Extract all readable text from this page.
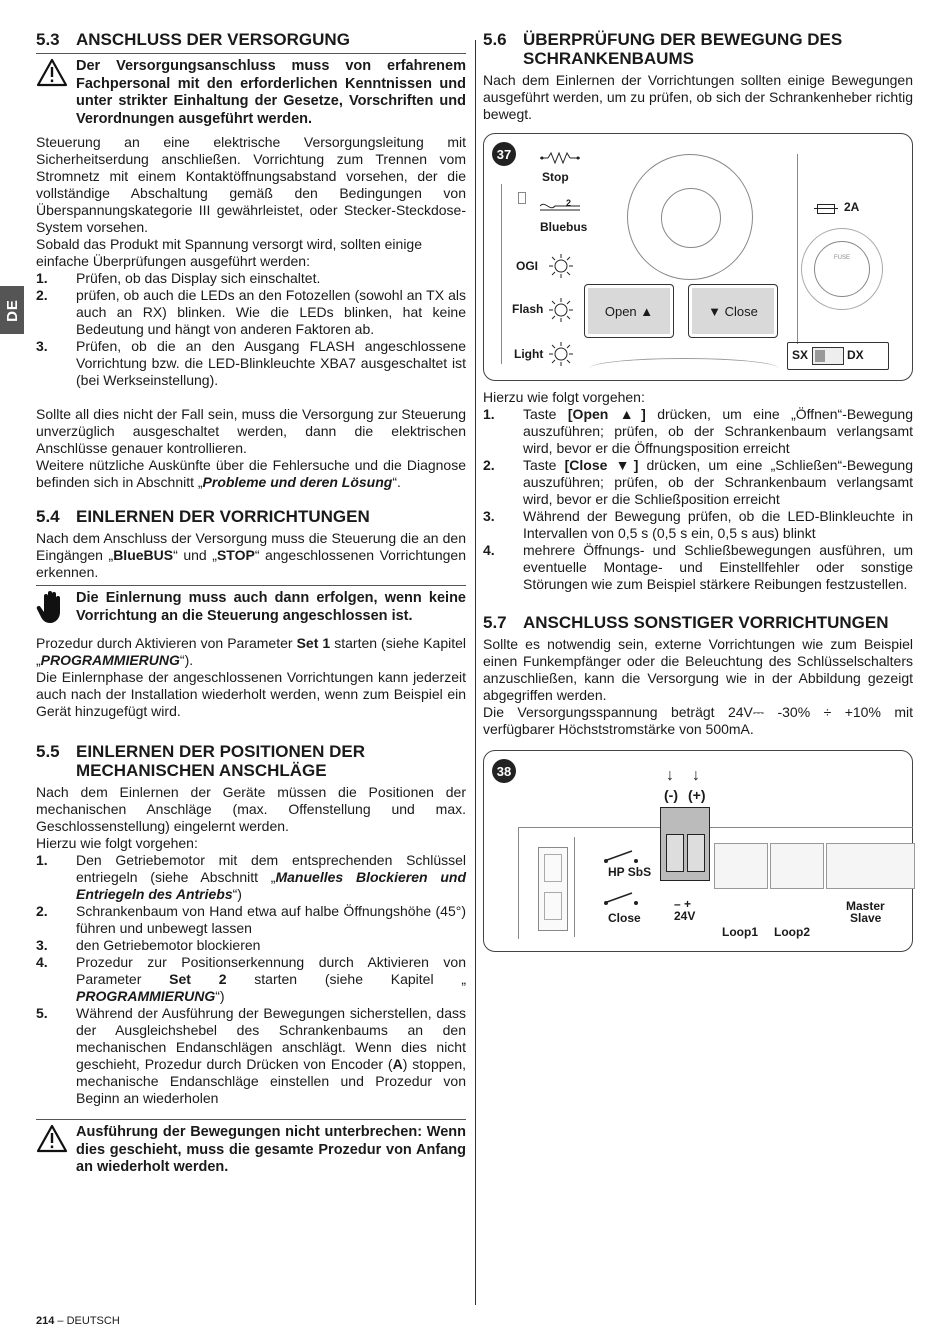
DE
5.3 ANSCHLUSS DER VERSORGUNG
Der Versorgungsanschluss muss von erfahrenem Fachpersonal mit den erforderlichen Kenntnissen und unter strikter Einhaltung der Gesetze, Vorschriften und Verordnungen ausgeführt werden.

Steuerung an eine elektrische Versorgungsleitung mit Sicherheitserdung anschließen. Vorrichtung zum Trennen vom Stromnetz mit einem Kontaktöffnungsabstand vorsehen, der die vollständige Abschaltung gemäß den Bedingungen von Überspannungskategorie III gewährleistet, oder Stecker-Steckdose-System vorsehen.

Sobald das Produkt mit Spannung versorgt wird, sollten einige einfache Überprüfungen ausgeführt werden:

1.	Prüfen, ob das Display sich einschaltet.
2.	prüfen, ob auch die LEDs an den Fotozellen (sowohl an TX als auch an RX) blinken. Wie die LEDs blinken, hat keine Bedeutung und hängt von anderen Faktoren ab.
3.	Prüfen, ob die an den Ausgang FLASH angeschlossene Vorrichtung bzw. die LED-Blinkleuchte XBA7 ausgeschaltet ist (bei Werkseinstellung).

Sollte all dies nicht der Fall sein, muss die Versorgung zur Steuerung unverzüglich ausgeschaltet werden, dann die elektrischen Anschlüsse genauer kontrollieren.

Weitere nützliche Auskünfte über die Fehlersuche und die Diagnose befinden sich in Abschnitt „Probleme und deren Lösung“.

5.4 EINLERNEN DER VORRICHTUNGEN

Nach dem Anschluss der Versorgung muss die Steuerung die an den Eingängen „BlueBUS“ und „STOP“ angeschlossenen Vorrichtungen erkennen.

Die Einlernung muss auch dann erfolgen, wenn keine Vorrichtung an die Steuerung angeschlossen ist.

Prozedur durch Aktivieren von Parameter Set 1 starten (siehe Kapitel „PROGRAMMIERUNG“).

Die Einlernphase der angeschlossenen Vorrichtungen kann jederzeit auch nach der Installation wiederholt werden, wenn zum Beispiel ein Gerät hinzugefügt wird.

5.5 EINLERNEN DER POSITIONEN DER
MECHANISCHEN ANSCHLÄGE

Nach dem Einlernen der Geräte müssen die Positionen der mechanischen Anschläge (max. Offenstellung und max. Geschlossenstellung) eingelernt werden.

Hierzu wie folgt vorgehen:

1.	Den Getriebemotor mit dem entsprechenden Schlüssel entriegeln (siehe Abschnitt „Manuelles Blockieren und Entriegeln des Antriebs“)
2.	Schrankenbaum von Hand etwa auf halbe Öffnungshöhe (45°) führen und unbewegt lassen
3.	den Getriebemotor blockieren
4.	Prozedur zur Positionserkennung durch Aktivieren von Parameter Set 2 starten (siehe Kapitel „ PROGRAMMIERUNG“)
5.	Während der Ausführung der Bewegungen sicherstellen, dass der Ausgleichshebel des Schrankenbaums an den mechanischen Endanschlägen anschlägt. Wenn dies nicht geschieht, Prozedur durch Drücken von Encoder (A) stoppen, mechanische Endanschläge einstellen und Prozedur von Beginn an wiederholen
Ausführung der Bewegungen nicht unterbrechen: Wenn dies geschieht, muss die gesamte Prozedur von Anfang an wiederholt werden.
5.6 ÜBERPRÜFUNG DER BEWEGUNG DES
SCHRANKENBAUMS

Nach dem Einlernen der Vorrichtungen sollten einige Bewegungen ausgeführt werden, um zu prüfen, ob sich der Schrankenheber richtig bewegt.

37
Stop
2
Bluebus
OGI
Flash
Light
Open ▲	▼ Close
2A
FUSE
SX	DX

Hierzu wie folgt vorgehen:

1.	Taste [Open ▲] drücken, um eine „Öffnen“-Bewegung auszuführen; prüfen, ob der Schrankenbaum verlangsamt wird, bevor er die Öffnungsposition erreicht
2.	Taste [Close ▼] drücken, um eine „Schließen“-Bewegung auszuführen; prüfen, ob der Schrankenbaum verlangsamt wird, bevor er die Schließposition erreicht
3.	Während der Bewegung prüfen, ob die LED-Blinkleuchte in Intervallen von 0,5 s (0,5 s ein, 0,5 s aus) blinkt
4.	mehrere Öffnungs- und Schließbewegungen ausführen, um eventuelle Montage- und Einstellfehler oder sonstige Störungen wie zum Beispiel stärkere Reibungen festzustellen.
5.7 ANSCHLUSS SONSTIGER VORRICHTUNGEN

Sollte es notwendig sein, externe Vorrichtungen wie zum Beispiel einen Funkempfänger oder die Beleuchtung des Schlüsselschalters anzuschließen, kann die Versorgung wie in der Abbildung gezeigt abgegriffen werden.

Die Versorgungsspannung beträgt 24V⎓ -30% ÷ +10% mit verfügbarer Höchststromstärke von 500mA.

38	↓ ↓
(-) (+)
HP SbS
Close
– +
24V
Loop1 Loop2
Master
Slave
214 – DEUTSCH
